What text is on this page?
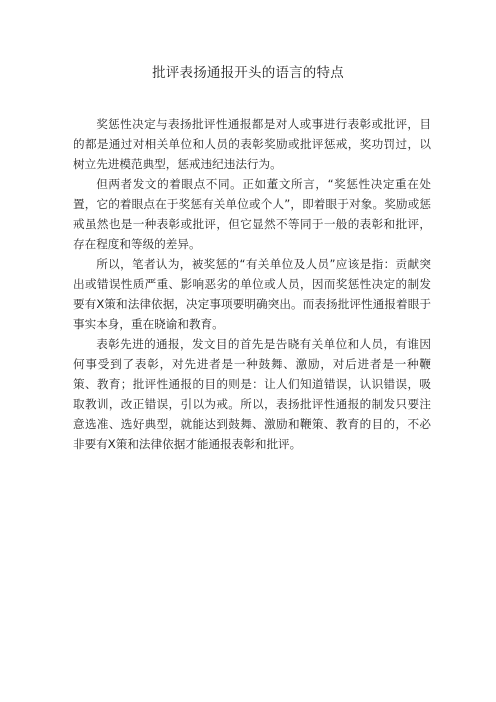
批评表扬通报开头的语言的特点

奖惩性决定与表扬批评性通报都是对人或事进行表彰或批评，目的都是通过对相关单位和人员的表彰奖励或批评惩戒，奖功罚过，以树立先进模范典型，惩戒违纪违法行为。

但两者发文的着眼点不同。正如董文所言，“奖惩性决定重在处置，它的着眼点在于奖惩有关单位或个人”，即着眼于对象。奖励或惩戒虽然也是一种表彰或批评，但它显然不等同于一般的表彰和批评，存在程度和等级的差异。

所以，笔者认为，被奖惩的“有关单位及人员”应该是指：贡献突出或错误性质严重、影响恶劣的单位或人员，因而奖惩性决定的制发要有X策和法律依据，决定事项要明确突出。而表扬批评性通报着眼于事实本身，重在晓谕和教育。

表彰先进的通报，发文目的首先是告晓有关单位和人员，有谁因何事受到了表彰，对先进者是一种鼓舞、激励，对后进者是一种鞭策、教育；批评性通报的目的则是：让人们知道错误，认识错误，吸取教训，改正错误，引以为戒。所以，表扬批评性通报的制发只要注意选准、选好典型，就能达到鼓舞、激励和鞭策、教育的目的，不必非要有X策和法律依据才能通报表彰和批评。
